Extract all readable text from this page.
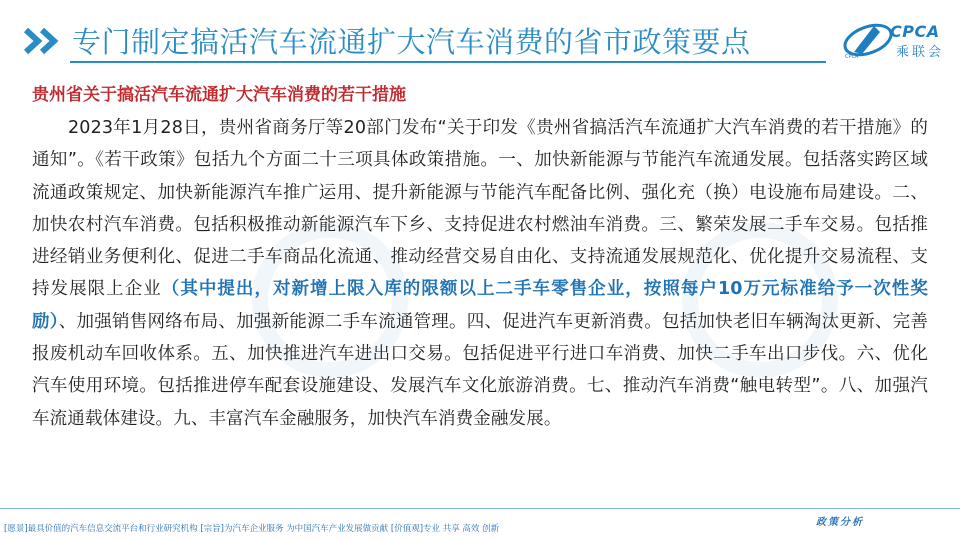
专门制定搞活汽车流通扩大汽车消费的省市政策要点	CPCA
乘联会
CPCA
贵州省关于搞活汽车流通扩大汽车消费的若干措施
2023年1月28日，贵州省商务厅等20部门发布“关于印发《贵州省搞活汽车流通扩大汽车消费的若干措施》的通知”。《若干政策》包括九个方面二十三项具体政策措施。一、加快新能源与节能汽车流通发展。包括落实跨区域流通政策规定、加快新能源汽车推广运用、提升新能源与节能汽车配备比例、强化充（换）电设施布局建设。二、加快农村汽车消费。包括积极推动新能源汽车下乡、支持促进农村燃油车消费。三、繁荣发展二手车交易。包括推进经销业务便利化、促进二手车商品化流通、推动经营交易自由化、支持流通发展规范化、优化提升交易流程、支持发展限上企业（其中提出，对新增上限入库的限额以上二手车零售企业，按照每户10万元标准给予一次性奖励）、加强销售网络布局、加强新能源二手车流通管理。四、促进汽车更新消费。包括加快老旧车辆淘汰更新、完善报废机动车回收体系。五、加快推进汽车进出口交易。包括促进平行进口车消费、加快二手车出口步伐。六、优化汽车使用环境。包括推进停车配套设施建设、发展汽车文化旅游消费。七、推动汽车消费“触电转型”。八、加强汽车流通载体建设。九、丰富汽车金融服务，加快汽车消费金融发展。
政策分析
[愿景]最具价值的汽车信息交流平台和行业研究机构 [宗旨]为汽车企业服务 为中国汽车产业发展做贡献 [价值观]专业 共享 高效 创新
